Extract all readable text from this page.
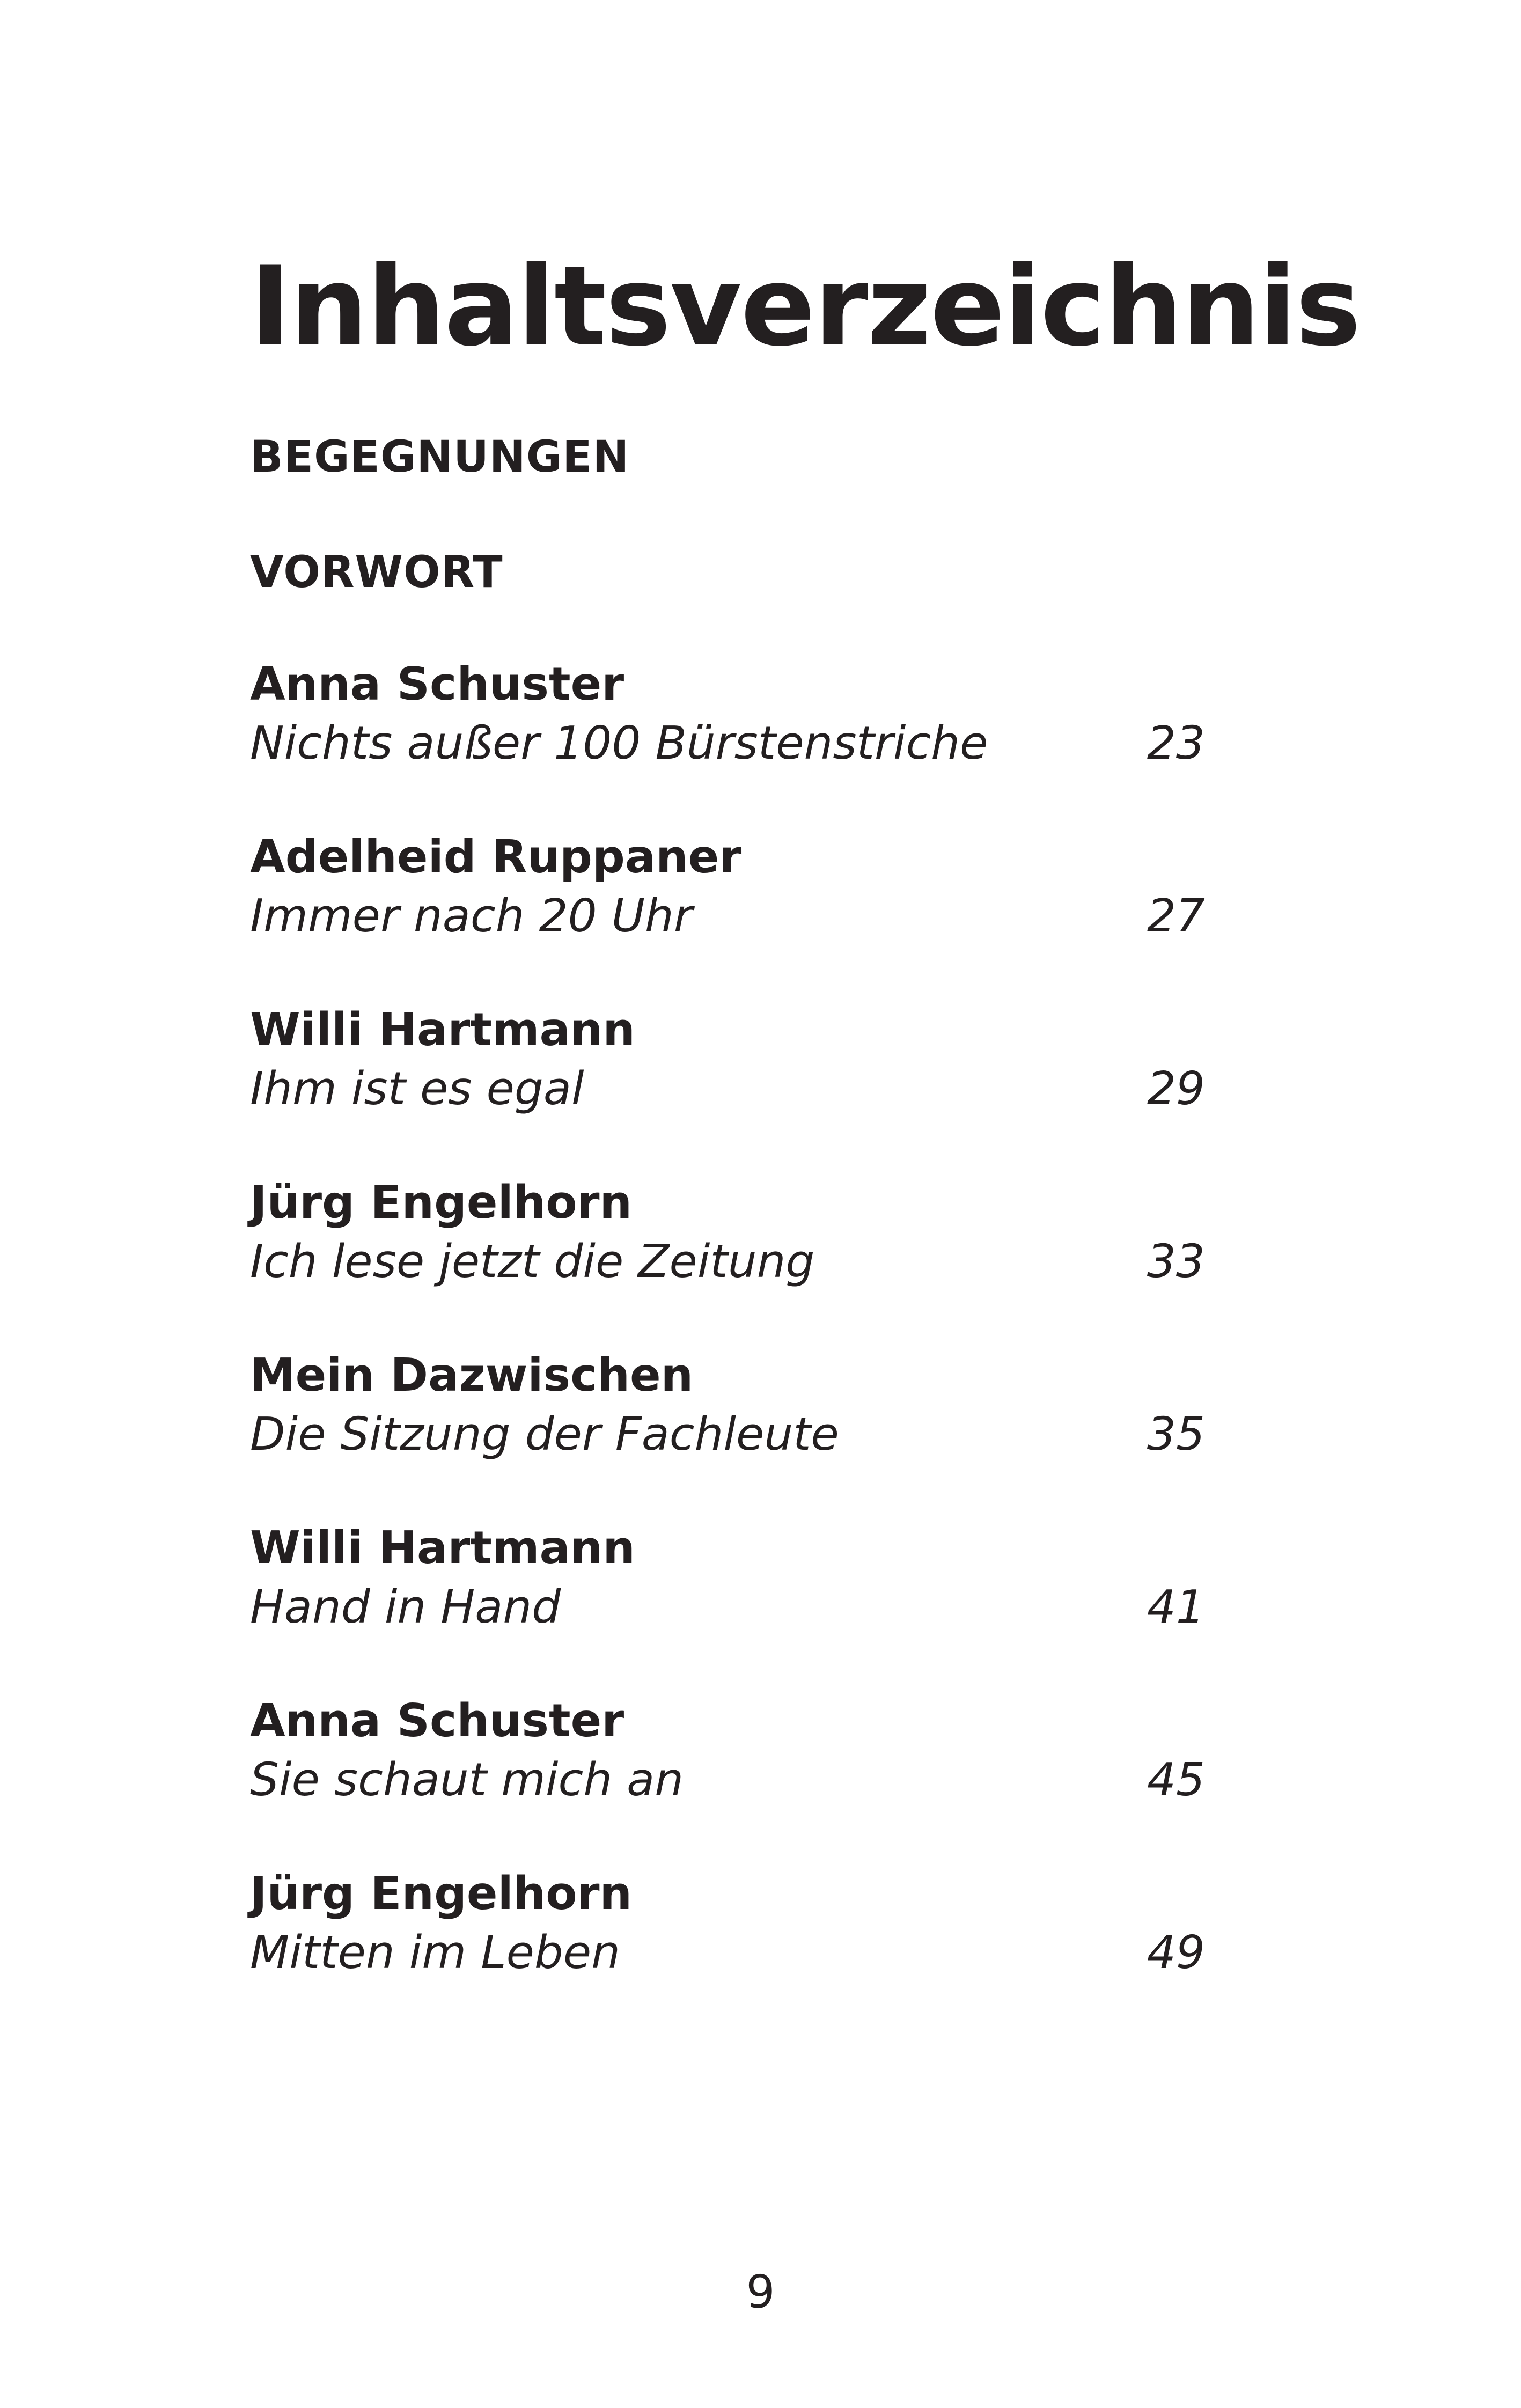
Inhaltsverzeichnis
BEGEGNUNGEN
VORWORT
Anna Schuster
Nichts außer 100 Bürstenstriche	23
Adelheid Ruppaner
Immer nach 20 Uhr	27
Willi Hartmann
Ihm ist es egal	29
Jürg Engelhorn
Ich lese jetzt die Zeitung	33
Mein Dazwischen
Die Sitzung der Fachleute	35
Willi Hartmann
Hand in Hand	41
Anna Schuster
Sie schaut mich an	45
Jürg Engelhorn
Mitten im Leben	49
9
